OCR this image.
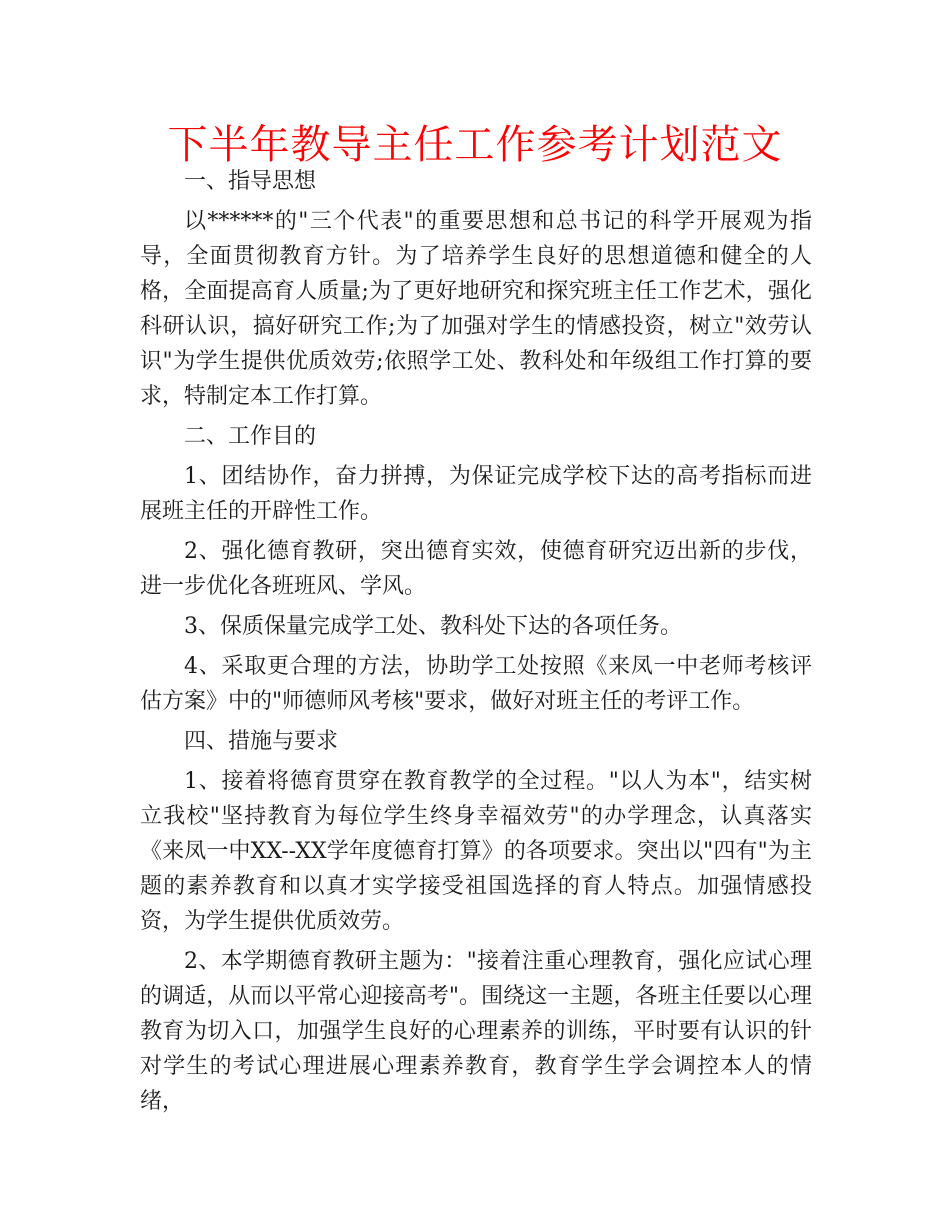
下半年教导主任工作参考计划范文

一、指导思想

以******的"三个代表"的重要思想和总书记的科学开展观为指导，全面贯彻教育方针。为了培养学生良好的思想道德和健全的人格，全面提高育人质量;为了更好地研究和探究班主任工作艺术，强化科研认识，搞好研究工作;为了加强对学生的情感投资，树立"效劳认识"为学生提供优质效劳;依照学工处、教科处和年级组工作打算的要求，特制定本工作打算。

二、工作目的

1、团结协作，奋力拼搏，为保证完成学校下达的高考指标而进展班主任的开辟性工作。

2、强化德育教研，突出德育实效，使德育研究迈出新的步伐，进一步优化各班班风、学风。

3、保质保量完成学工处、教科处下达的各项任务。

4、采取更合理的方法，协助学工处按照《来凤一中老师考核评估方案》中的"师德师风考核"要求，做好对班主任的考评工作。

四、措施与要求

1、接着将德育贯穿在教育教学的全过程。"以人为本"，结实树立我校"坚持教育为每位学生终身幸福效劳"的办学理念，认真落实《来凤一中XX--XX学年度德育打算》的各项要求。突出以"四有"为主题的素养教育和以真才实学接受祖国选择的育人特点。加强情感投资，为学生提供优质效劳。

2、本学期德育教研主题为："接着注重心理教育，强化应试心理的调适，从而以平常心迎接高考"。围绕这一主题，各班主任要以心理教育为切入口，加强学生良好的心理素养的训练，平时要有认识的针对学生的考试心理进展心理素养教育，教育学生学会调控本人的情绪，
